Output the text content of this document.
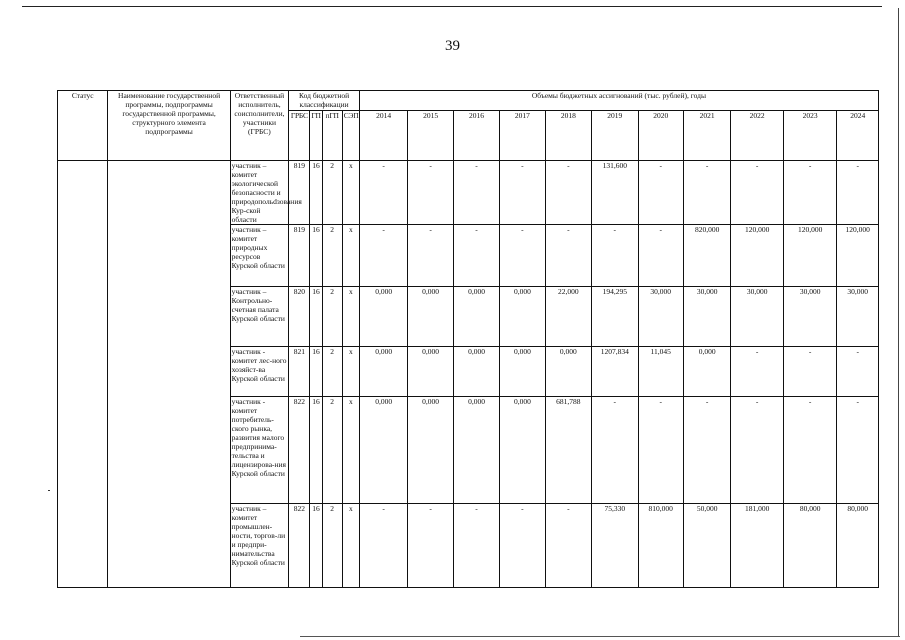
39
Статус	Наименование государственной программы, подпрограммы государственной программы, структурного элемента подпрограммы	Ответственный исполнитель, соисполнители, участники (ГРБС)	Код бюджетной классификации				Объемы бюджетных ассигнований (тыс. рублей), годы										
			ГРБС	ГП	пГП	СЭП	2014	2015	2016	2017	2018	2019	2020	2021	2022	2023	2024

		участник – комитет экологической безопасности и природопольdзования Кур-ской области	819	16	2	х	-	-	-	-	-	131,600	-	-	-	-	-
		участник – комитет природных ресурсов Курской области	819	16	2	х	-	-	-	-	-	-	-	820,000	120,000	120,000	120,000
		участник – Контрольно-счетная палата Курской области	820	16	2	х	0,000	0,000	0,000	0,000	22,000	194,295	30,000	30,000	30,000	30,000	30,000
		участник - комитет лес-ного хозяйст-ва Курской области	821	16	2	х	0,000	0,000	0,000	0,000	0,000	1207,834	11,045	0,000	-	-	-
		участник - комитет потребитель-ского рынка, развития малого предпринима-тельства и лицензирова-ния Курской области	822	16	2	х	0,000	0,000	0,000	0,000	681,788	-	-	-	-	-	-
		участник – комитет промышлен-ности, торгов-ли и предпри-нимательства Курской области	822	16	2	х	-	-	-	-	-	75,330	810,000	50,000	181,000	80,000	80,000
